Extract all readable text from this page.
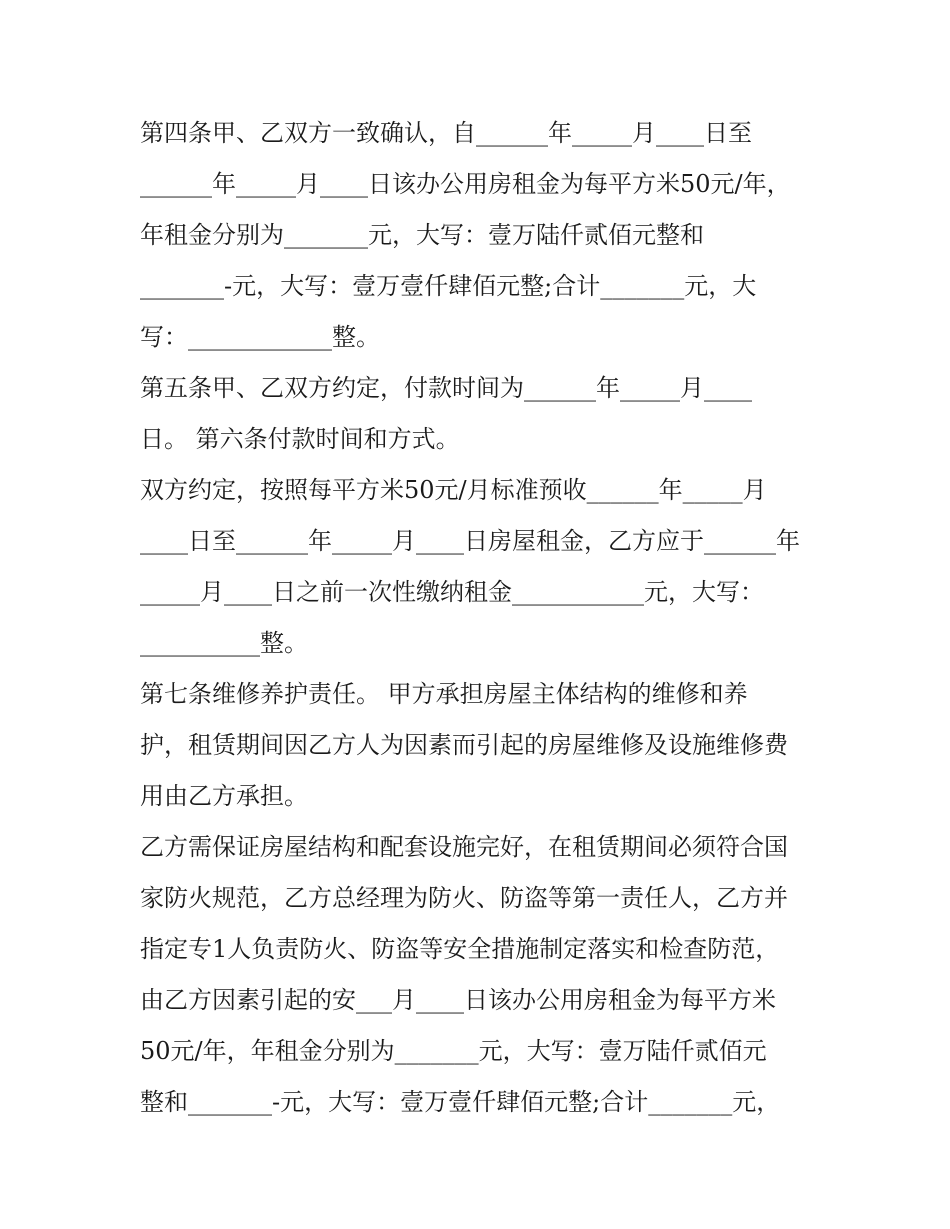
第四条甲、乙双方一致确认，自______年_____月____日至
______年_____月____日该办公用房租金为每平方米50元/年，
年租金分别为_______元，大写：壹万陆仟贰佰元整和
_______-元，大写：壹万壹仟肆佰元整;合计_______元，大
写：____________整。
第五条甲、乙双方约定，付款时间为______年_____月____
日。 第六条付款时间和方式。
双方约定，按照每平方米50元/月标准预收______年_____月
____日至______年_____月____日房屋租金，乙方应于______年
_____月____日之前一次性缴纳租金___________元，大写：
__________整。
第七条维修养护责任。 甲方承担房屋主体结构的维修和养
护，租赁期间因乙方人为因素而引起的房屋维修及设施维修费
用由乙方承担。
乙方需保证房屋结构和配套设施完好，在租赁期间必须符合国
家防火规范，乙方总经理为防火、防盗等第一责任人，乙方并
指定专1人负责防火、防盗等安全措施制定落实和检查防范，
由乙方因素引起的安___月____日该办公用房租金为每平方米
50元/年，年租金分别为_______元，大写：壹万陆仟贰佰元
整和_______-元，大写：壹万壹仟肆佰元整;合计_______元，
